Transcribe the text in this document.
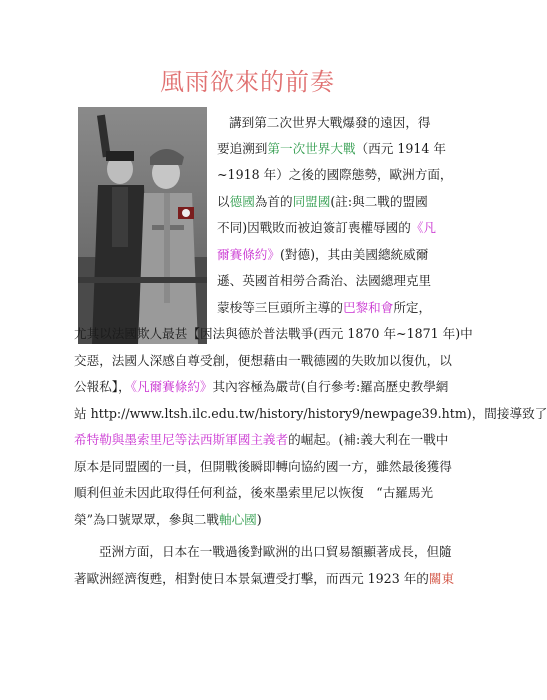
風雨欲來的前奏

講到第二次世界大戰爆發的遠因，得

要追溯到第一次世界大戰（西元 1914 年

~1918 年）之後的國際態勢，歐洲方面，

以德國為首的同盟國(註:與二戰的盟國

不同)因戰敗而被迫簽訂喪權辱國的《凡

爾賽條約》(對德)，其由美國總統威爾

遜、英國首相勞合喬治、法國總理克里

蒙梭等三巨頭所主導的巴黎和會所定，

尤其以法國欺人最甚【因法與德於普法戰爭(西元 1870 年~1871 年)中

交惡，法國人深感自尊受創，便想藉由一戰德國的失敗加以復仇，以

公報私】，《凡爾賽條約》其內容極為嚴苛(自行參考:羅高歷史教學網

站 http://www.ltsh.ilc.edu.tw/history/history9/newpage39.htm)，間接導致了

希特勒與墨索里尼等法西斯軍國主義者的崛起。(補:義大利在一戰中

原本是同盟國的一員，但開戰後瞬即轉向協約國一方，雖然最後獲得

順利但並未因此取得任何利益，後來墨索里尼以恢復　“古羅馬光

榮”為口號眾眾，參與二戰軸心國)

亞洲方面，日本在一戰過後對歐洲的出口貿易額顯著成長，但隨

著歐洲經濟復甦，相對使日本景氣遭受打擊，而西元 1923 年的關東
